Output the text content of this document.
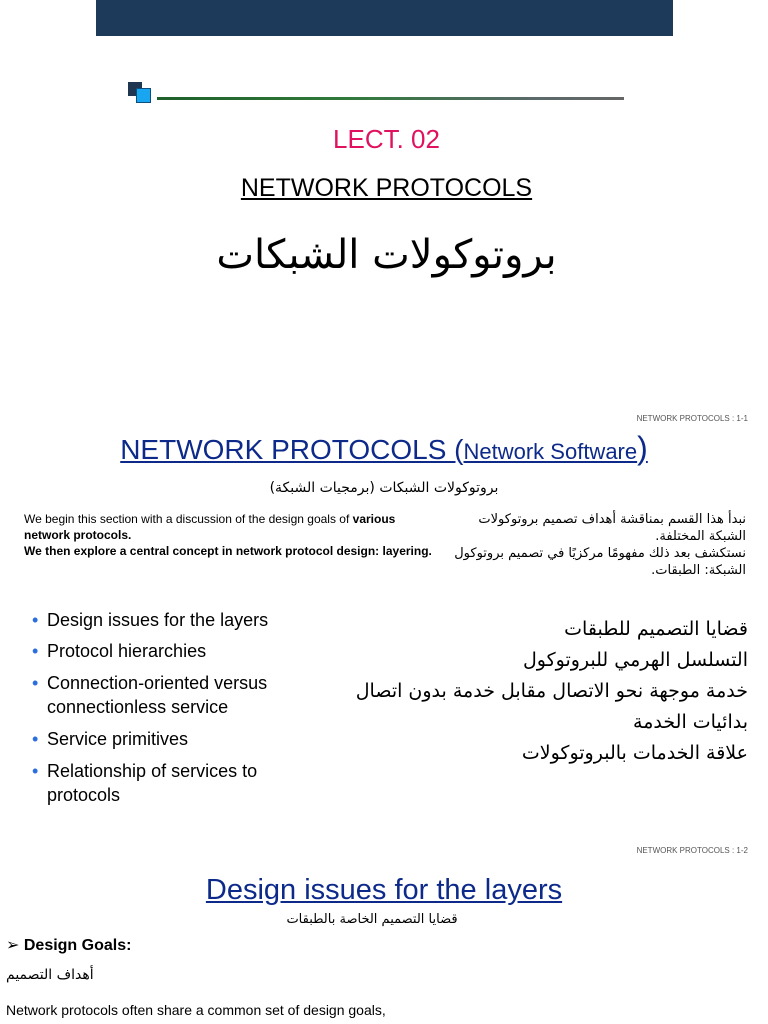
LECT. 02
NETWORK PROTOCOLS
بروتوكولات الشبكات
NETWORK PROTOCOLS : 1-1
NETWORK PROTOCOLS (Network Software)
بروتوكولات الشبكات (برمجيات الشبكة)
We begin this section with a discussion of the design goals of various network protocols.
We then explore a central concept in network protocol design: layering.
نبدأ هذا القسم بمناقشة أهداف تصميم بروتوكولات الشبكة المختلفة.
نستكشف بعد ذلك مفهومًا مركزيًا في تصميم بروتوكول الشبكة: الطبقات.
• Design issues for the layers
• Protocol hierarchies
• Connection-oriented versus connectionless service
• Service primitives
• Relationship of services to protocols
قضايا التصميم للطبقات
التسلسل الهرمي للبروتوكول
خدمة موجهة نحو الاتصال مقابل خدمة بدون اتصال
بدائيات الخدمة
علاقة الخدمات بالبروتوكولات
NETWORK PROTOCOLS : 1-2
Design issues for the layers
قضايا التصميم الخاصة بالطبقات
➢ Design Goals:
أهداف التصميم
Network protocols often share a common set of design goals,
